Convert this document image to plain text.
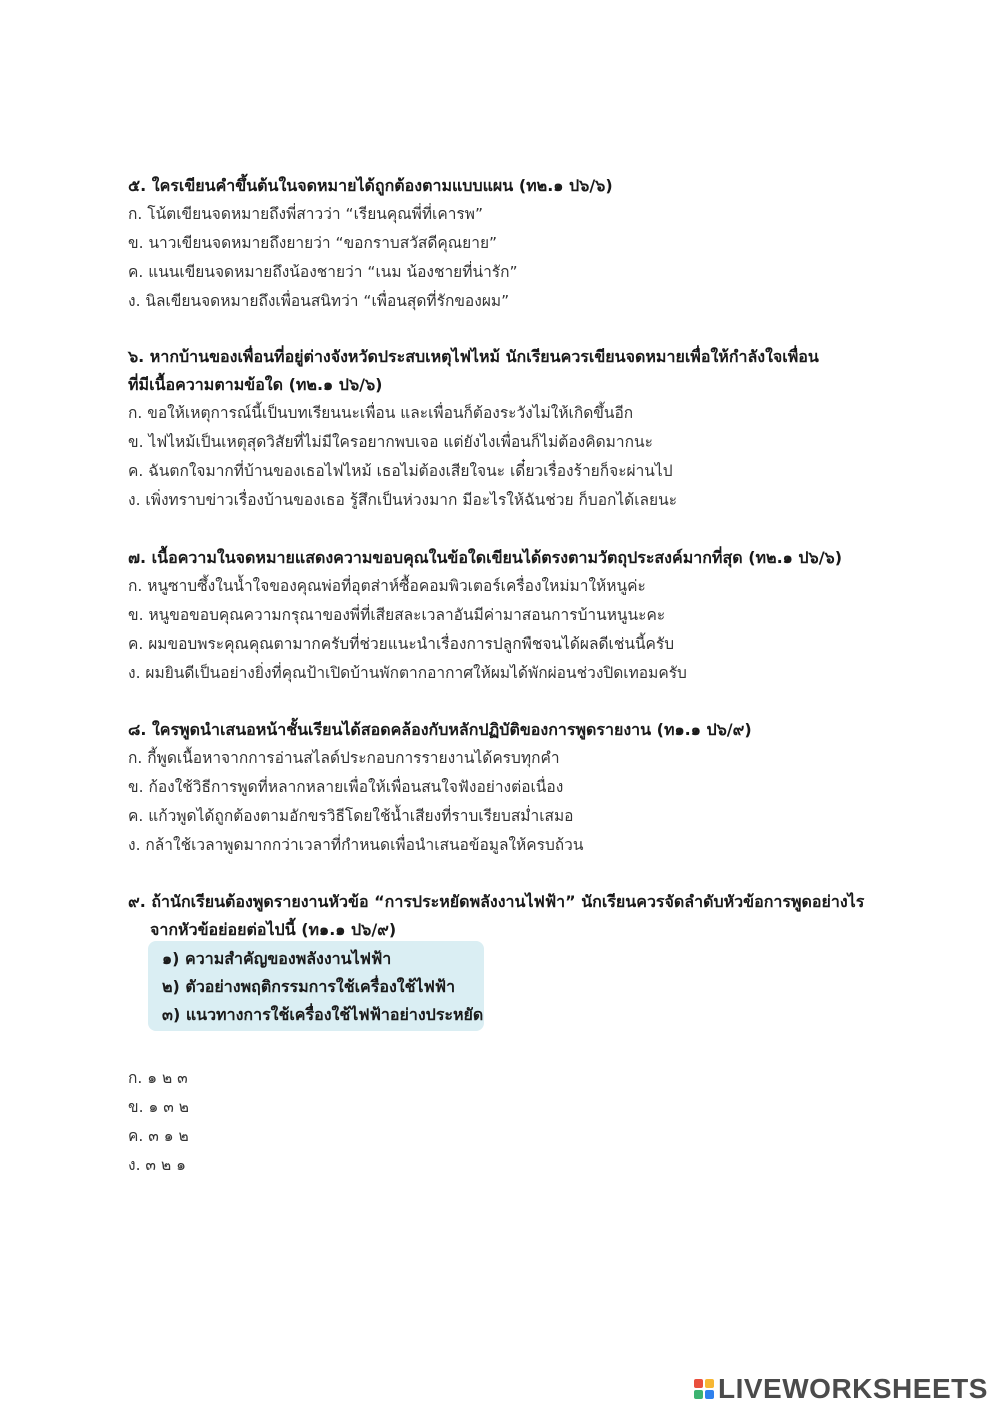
๕. ใครเขียนคำขึ้นต้นในจดหมายได้ถูกต้องตามแบบแผน (ท๒.๑ ป๖/๖)
ก. โน้ตเขียนจดหมายถึงพี่สาวว่า “เรียนคุณพี่ที่เคารพ”
ข. นาวเขียนจดหมายถึงยายว่า “ขอกราบสวัสดีคุณยาย”
ค. แนนเขียนจดหมายถึงน้องชายว่า “เนม น้องชายที่น่ารัก”
ง. นิลเขียนจดหมายถึงเพื่อนสนิทว่า “เพื่อนสุดที่รักของผม”
๖. หากบ้านของเพื่อนที่อยู่ต่างจังหวัดประสบเหตุไฟไหม้ นักเรียนควรเขียนจดหมายเพื่อให้กำลังใจเพื่อน
ที่มีเนื้อความตามข้อใด (ท๒.๑ ป๖/๖)
ก. ขอให้เหตุการณ์นี้เป็นบทเรียนนะเพื่อน และเพื่อนก็ต้องระวังไม่ให้เกิดขึ้นอีก
ข. ไฟไหม้เป็นเหตุสุดวิสัยที่ไม่มีใครอยากพบเจอ แต่ยังไงเพื่อนก็ไม่ต้องคิดมากนะ
ค. ฉันตกใจมากที่บ้านของเธอไฟไหม้ เธอไม่ต้องเสียใจนะ เดี๋ยวเรื่องร้ายก็จะผ่านไป
ง. เพิ่งทราบข่าวเรื่องบ้านของเธอ รู้สึกเป็นห่วงมาก มีอะไรให้ฉันช่วย ก็บอกได้เลยนะ
๗. เนื้อความในจดหมายแสดงความขอบคุณในข้อใดเขียนได้ตรงตามวัตถุประสงค์มากที่สุด (ท๒.๑ ป๖/๖)
ก. หนูซาบซึ้งในน้ำใจของคุณพ่อที่อุตส่าห์ซื้อคอมพิวเตอร์เครื่องใหม่มาให้หนูค่ะ
ข. หนูขอขอบคุณความกรุณาของพี่ที่เสียสละเวลาอันมีค่ามาสอนการบ้านหนูนะคะ
ค. ผมขอบพระคุณคุณตามากครับที่ช่วยแนะนำเรื่องการปลูกพืชจนได้ผลดีเช่นนี้ครับ
ง. ผมยินดีเป็นอย่างยิ่งที่คุณป้าเปิดบ้านพักตากอากาศให้ผมได้พักผ่อนช่วงปิดเทอมครับ
๘. ใครพูดนำเสนอหน้าชั้นเรียนได้สอดคล้องกับหลักปฏิบัติของการพูดรายงาน (ท๑.๑ ป๖/๙)
ก. กี้พูดเนื้อหาจากการอ่านสไลด์ประกอบการรายงานได้ครบทุกคำ
ข. ก้องใช้วิธีการพูดที่หลากหลายเพื่อให้เพื่อนสนใจฟังอย่างต่อเนื่อง
ค. แก้วพูดได้ถูกต้องตามอักขรวิธีโดยใช้น้ำเสียงที่ราบเรียบสม่ำเสมอ
ง. กล้าใช้เวลาพูดมากกว่าเวลาที่กำหนดเพื่อนำเสนอข้อมูลให้ครบถ้วน
๙. ถ้านักเรียนต้องพูดรายงานหัวข้อ “การประหยัดพลังงานไฟฟ้า” นักเรียนควรจัดลำดับหัวข้อการพูดอย่างไร
จากหัวข้อย่อยต่อไปนี้ (ท๑.๑ ป๖/๙)
๑) ความสำคัญของพลังงานไฟฟ้า
๒) ตัวอย่างพฤติกรรมการใช้เครื่องใช้ไฟฟ้า
๓) แนวทางการใช้เครื่องใช้ไฟฟ้าอย่างประหยัด
ก. ๑ ๒ ๓
ข. ๑ ๓ ๒
ค. ๓ ๑ ๒
ง. ๓ ๒ ๑
LIVEWORKSHEETS
